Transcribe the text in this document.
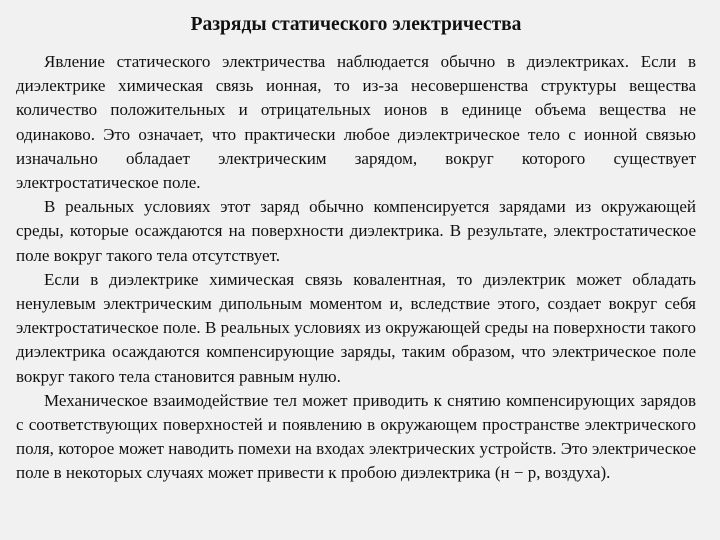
Разряды статического электричества

Явление статического электричества наблюдается обычно в диэлектриках. Если в диэлектрике химическая связь ионная, то из-за несовершенства структуры вещества количество положительных и отрицательных ионов в единице объема вещества не одинаково. Это означает, что практически любое диэлектрическое тело с ионной связью изначально обладает электрическим зарядом, вокруг которого существует электростатическое поле.

В реальных условиях этот заряд обычно компенсируется зарядами из окружающей среды, которые осаждаются на поверхности диэлектрика. В результате, электростатическое поле вокруг такого тела отсутствует.

Если в диэлектрике химическая связь ковалентная, то диэлектрик может обладать ненулевым электрическим дипольным моментом и, вследствие этого, создает вокруг себя электростатическое поле. В реальных условиях из окружающей среды на поверхности такого диэлектрика осаждаются компенсирующие заряды, таким образом, что электрическое поле вокруг такого тела становится равным нулю.

Механическое взаимодействие тел может приводить к снятию компенсирующих зарядов с соответствующих поверхностей и появлению в окружающем пространстве электрического поля, которое может наводить помехи на входах электрических устройств. Это электрическое поле в некоторых случаях может привести к пробою диэлектрика (н − р, воздуха).
